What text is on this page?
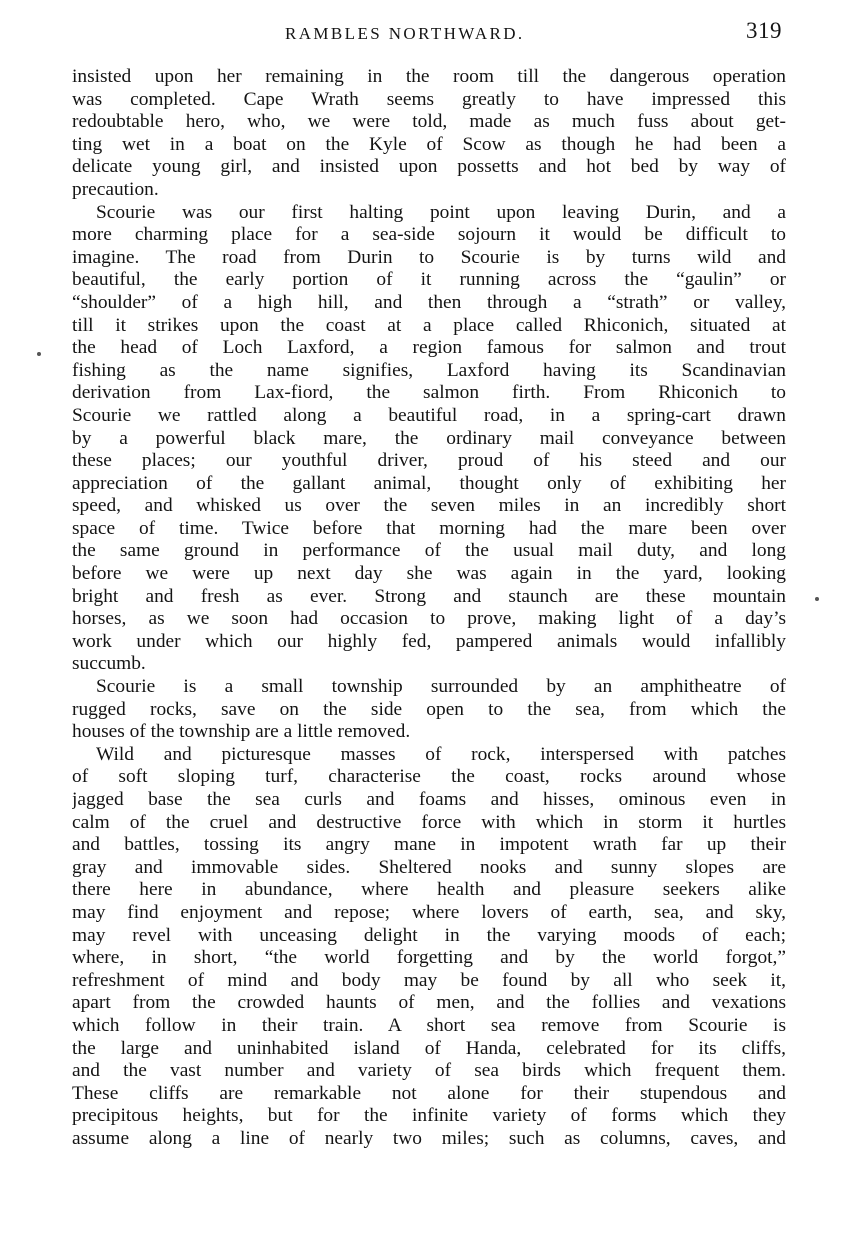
RAMBLES NORTHWARD.	319
insisted upon her remaining in the room till the dangerous operation
was completed. Cape Wrath seems greatly to have impressed this
redoubtable hero, who, we were told, made as much fuss about get-
ting wet in a boat on the Kyle of Scow as though he had been a
delicate young girl, and insisted upon possetts and hot bed by way of
precaution.
Scourie was our first halting point upon leaving Durin, and a
more charming place for a sea-side sojourn it would be difficult to
imagine. The road from Durin to Scourie is by turns wild and
beautiful, the early portion of it running across the “gaulin” or
“shoulder” of a high hill, and then through a “strath” or valley,
till it strikes upon the coast at a place called Rhiconich, situated at
the head of Loch Laxford, a region famous for salmon and trout
fishing as the name signifies, Laxford having its Scandinavian
derivation from Lax-fiord, the salmon firth. From Rhiconich to
Scourie we rattled along a beautiful road, in a spring-cart drawn
by a powerful black mare, the ordinary mail conveyance between
these places; our youthful driver, proud of his steed and our
appreciation of the gallant animal, thought only of exhibiting her
speed, and whisked us over the seven miles in an incredibly short
space of time. Twice before that morning had the mare been over
the same ground in performance of the usual mail duty, and long
before we were up next day she was again in the yard, looking
bright and fresh as ever. Strong and staunch are these mountain
horses, as we soon had occasion to prove, making light of a day’s
work under which our highly fed, pampered animals would infallibly
succumb.
Scourie is a small township surrounded by an amphitheatre of
rugged rocks, save on the side open to the sea, from which the
houses of the township are a little removed.
Wild and picturesque masses of rock, interspersed with patches
of soft sloping turf, characterise the coast, rocks around whose
jagged base the sea curls and foams and hisses, ominous even in
calm of the cruel and destructive force with which in storm it hurtles
and battles, tossing its angry mane in impotent wrath far up their
gray and immovable sides. Sheltered nooks and sunny slopes are
there here in abundance, where health and pleasure seekers alike
may find enjoyment and repose; where lovers of earth, sea, and sky,
may revel with unceasing delight in the varying moods of each;
where, in short, “the world forgetting and by the world forgot,”
refreshment of mind and body may be found by all who seek it,
apart from the crowded haunts of men, and the follies and vexations
which follow in their train. A short sea remove from Scourie is
the large and uninhabited island of Handa, celebrated for its cliffs,
and the vast number and variety of sea birds which frequent them.
These cliffs are remarkable not alone for their stupendous and
precipitous heights, but for the infinite variety of forms which they
assume along a line of nearly two miles; such as columns, caves, and
